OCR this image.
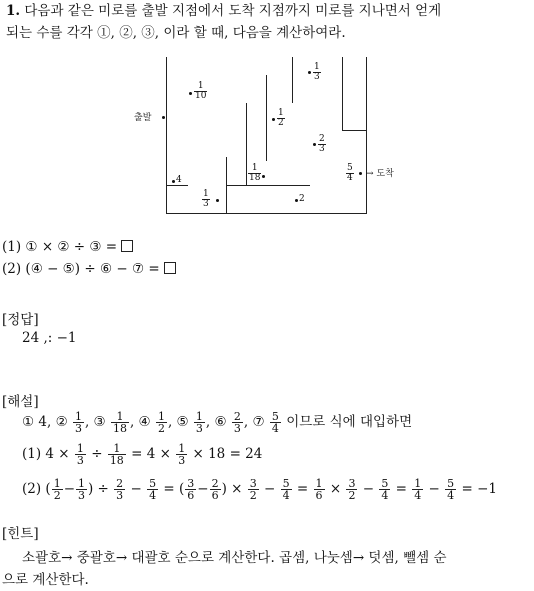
1. 다음과 같은 미로를 출발 지점에서 도착 지점까지 미로를 지나면서 얻게
되는 수를 각각 ①, ②, ③, 이라 할 때, 다음을 계산하여라.
출발
$\frac{1}{10}$
$\frac{1}{3}$
$\frac{1}{2}$
$\frac{2}{3}$
$\frac{1}{18}$	$\frac{5}{4}$ → 도착
4
$\frac{1}{3}$	2
(1) ① × ② ÷ ③ =
(2) (④ − ⑤) ÷ ⑥ − ⑦ =
[정답]
24 ,: −1
[해설]
① 4, ② $\frac{1}{3}$ , ③ $\frac{1}{18}$ , ④ $\frac{1}{2}$ , ⑤ $\frac{1}{3}$ , ⑥ $\frac{2}{3}$ , ⑦ $\frac{5}{4}$ 이므로 식에 대입하면
(1) $4 \times \frac{1}{3} \div \frac{1}{18} = 4 \times \frac{1}{3} \times 18 = 24$
(2) ( $\frac{1}{2} - \frac{1}{3}$ ) ÷ $\frac{2}{3} - \frac{5}{4}$ = ( $\frac{3}{6} - \frac{2}{6}$ ) × $\frac{3}{2} - \frac{5}{4} = \frac{1}{6} \times \frac{3}{2} - \frac{5}{4} = \frac{1}{4} - \frac{5}{4} = -1$
[힌트]
소괄호→ 중괄호→ 대괄호 순으로 계산한다. 곱셈, 나눗셈→ 덧셈, 뺄셈 순
으로 계산한다.
